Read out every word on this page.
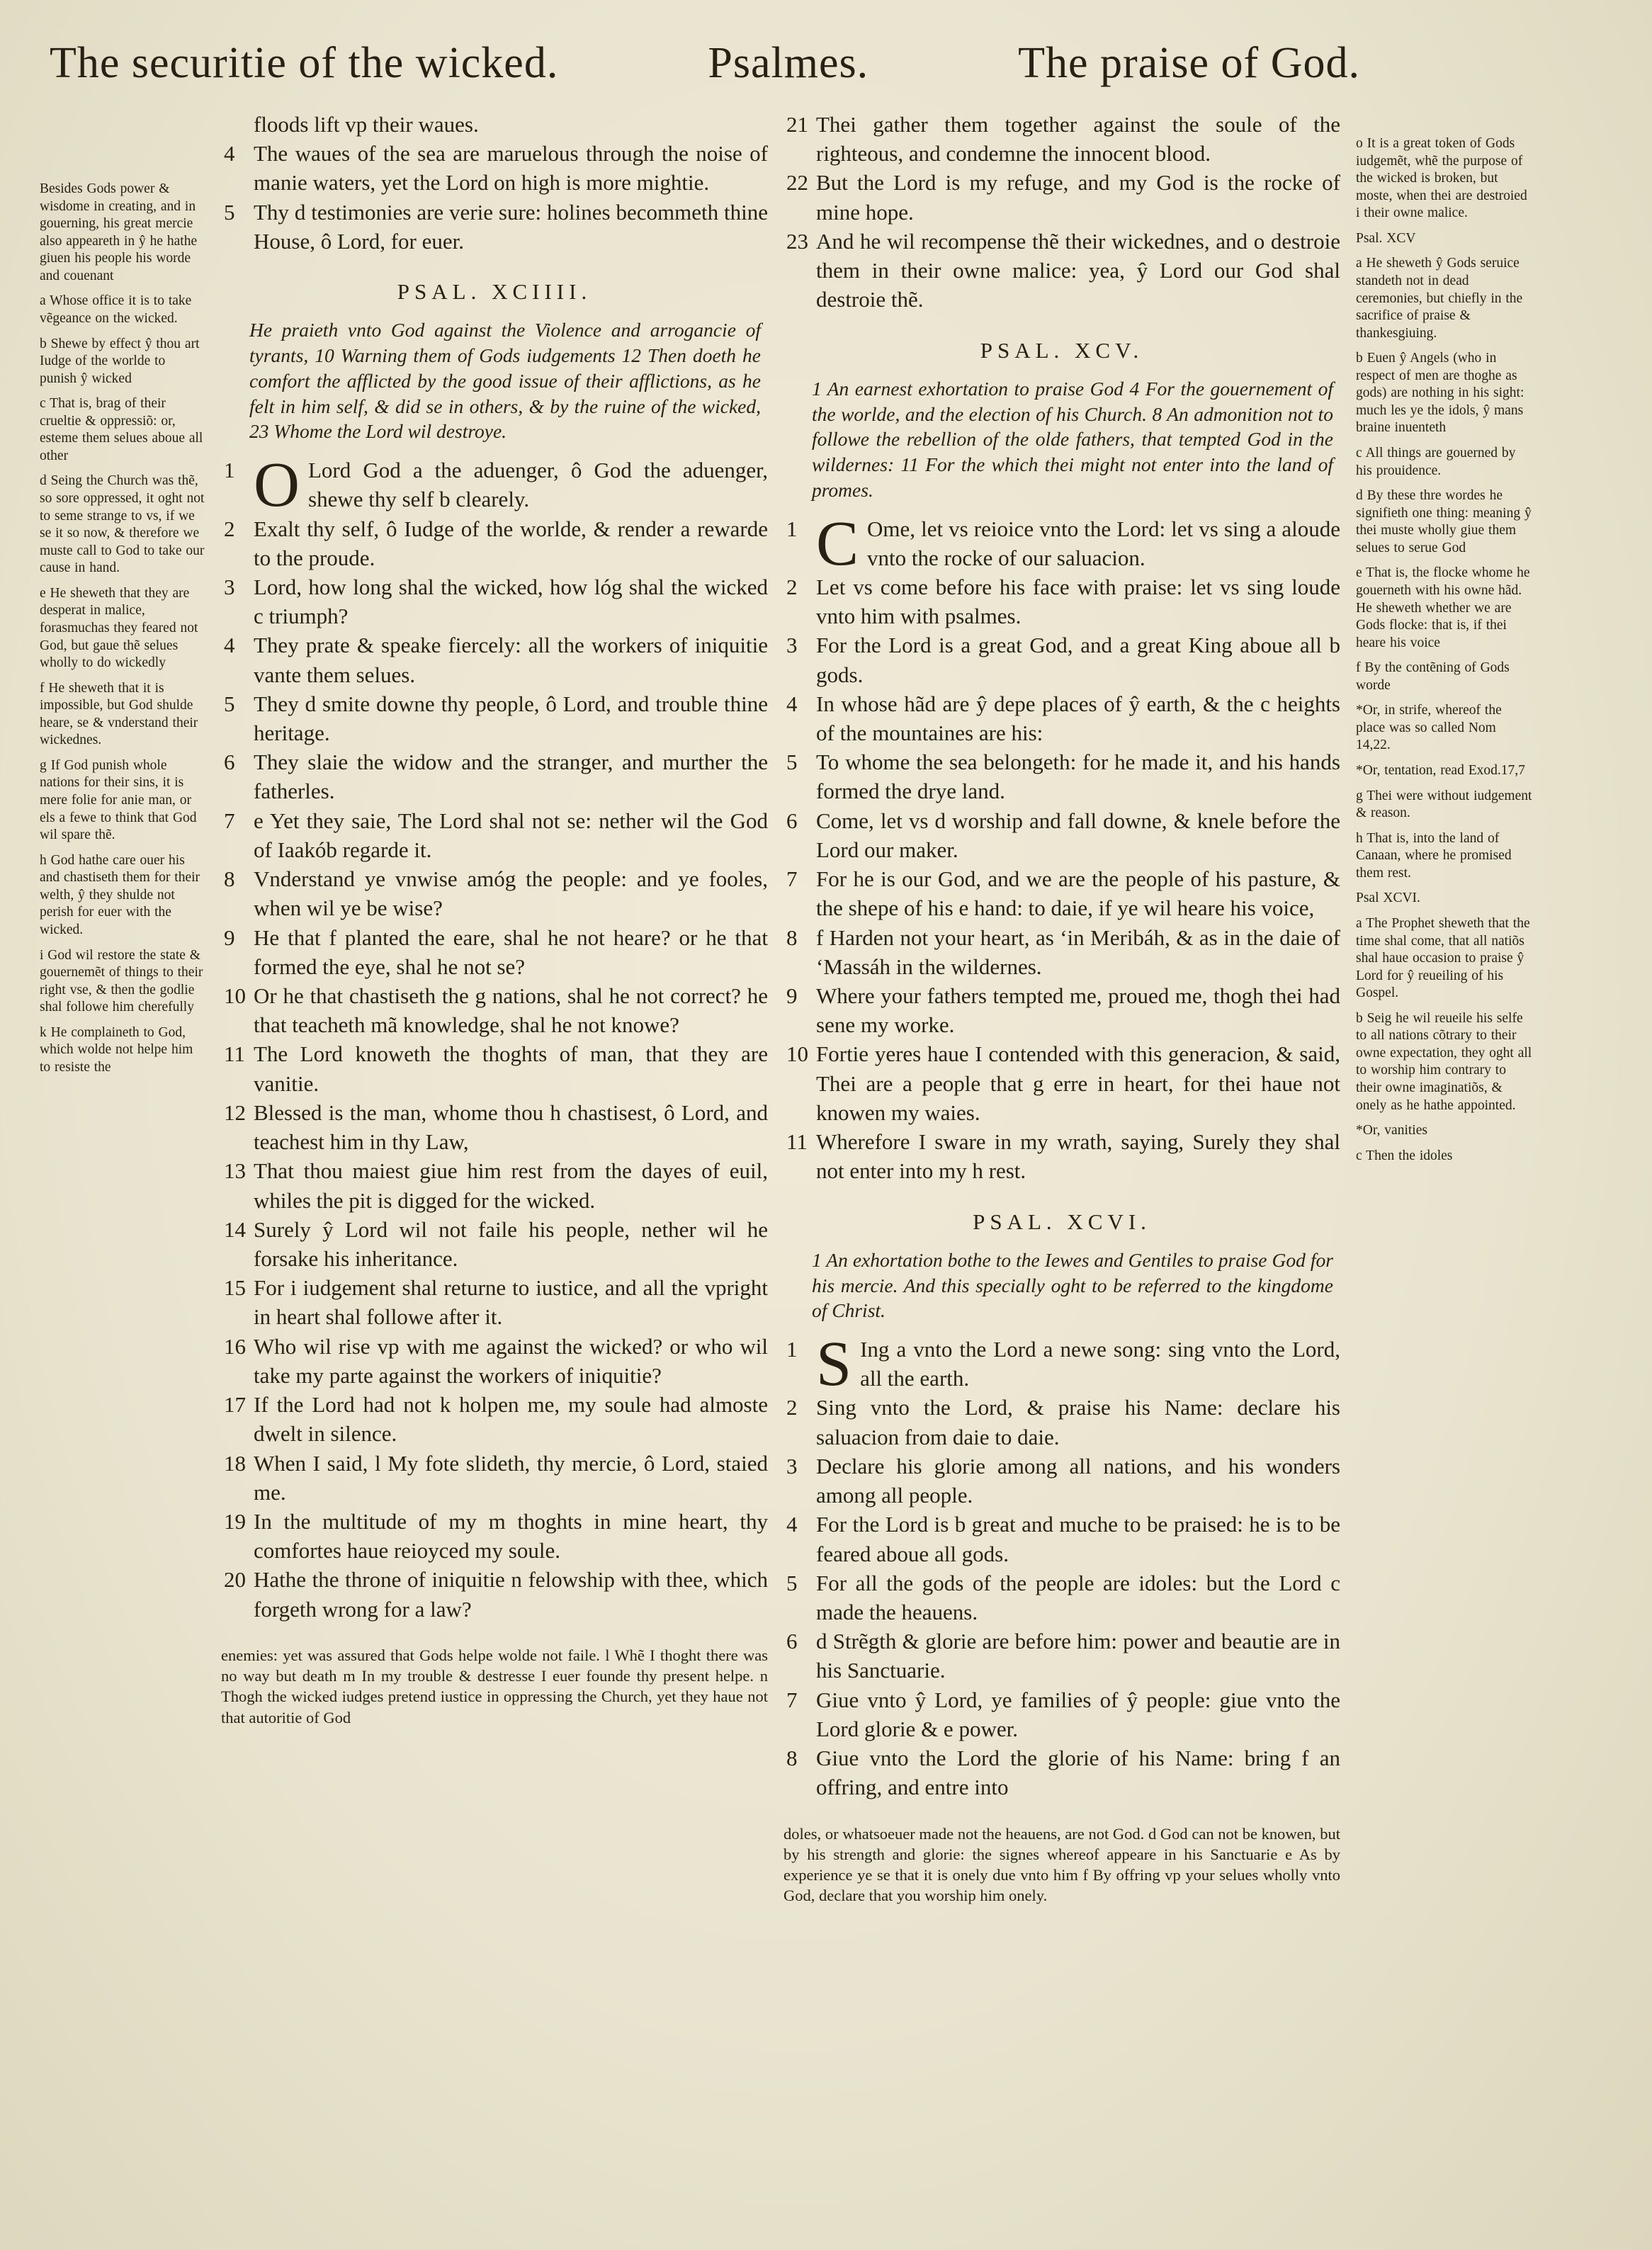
The securitie of the wicked.	Psalmes.	The praise of God.

Besides Gods power & wisdome in creating, and in gouerning, his great mercie also appeareth in ŷ he hathe giuen his people his worde and couenant

a Whose office it is to take vẽgeance on the wicked.

b Shewe by effect ŷ thou art Iudge of the worlde to punish ŷ wicked

c That is, brag of their crueltie & oppressiõ: or, esteme them selues aboue all other

d Seing the Church was thẽ, so sore oppressed, it oght not to seme strange to vs, if we se it so now, & therefore we muste call to God to take our cause in hand.

e He sheweth that they are desperat in malice, forasmuchas they feared not God, but gaue thẽ selues wholly to do wickedly

f He sheweth that it is impossible, but God shulde heare, se & vnderstand their wickednes.

g If God punish whole nations for their sins, it is mere folie for anie man, or els a fewe to think that God wil spare thẽ.

h God hathe care ouer his and chastiseth them for their welth, ŷ they shulde not perish for euer with the wicked.

i God wil restore the state & gouernemẽt of things to their right vse, & then the godlie shal followe him cherefully

k He complaineth to God, which wolde not helpe him to resiste the

floods lift vp their waues.
4 The waues of the sea are maruelous through the noise of manie waters, yet the Lord on high is more mightie.
5 Thy d testimonies are verie sure: holines becommeth thine House, ô Lord, for euer.
PSAL. XCIIII.

He praieth vnto God against the Violence and arrogancie of tyrants, 10 Warning them of Gods iudgements 12 Then doeth he comfort the afflicted by the good issue of their afflictions, as he felt in him self, & did se in others, & by the ruine of the wicked, 23 Whome the Lord wil destroye.

1 O Lord God a the aduenger, ô God the aduenger, shewe thy self b clearely.
2 Exalt thy self, ô Iudge of the worlde, & render a rewarde to the proude.
3 Lord, how long shal the wicked, how lóg shal the wicked c triumph?
4 They prate & speake fiercely: all the workers of iniquitie vante them selues.
5 They d smite downe thy people, ô Lord, and trouble thine heritage.
6 They slaie the widow and the stranger, and murther the fatherles.
7 e Yet they saie, The Lord shal not se: nether wil the God of Iaakób regarde it.
8 Vnderstand ye vnwise amóg the people: and ye fooles, when wil ye be wise?
9 He that f planted the eare, shal he not heare? or he that formed the eye, shal he not se?
10 Or he that chastiseth the g nations, shal he not correct? he that teacheth mã knowledge, shal he not knowe?
11 The Lord knoweth the thoghts of man, that they are vanitie.
12 Blessed is the man, whome thou h chastisest, ô Lord, and teachest him in thy Law,
13 That thou maiest giue him rest from the dayes of euil, whiles the pit is digged for the wicked.
14 Surely ŷ Lord wil not faile his people, nether wil he forsake his inheritance.
15 For i iudgement shal returne to iustice, and all the vpright in heart shal followe after it.
16 Who wil rise vp with me against the wicked? or who wil take my parte against the workers of iniquitie?
17 If the Lord had not k holpen me, my soule had almoste dwelt in silence.
18 When I said, l My fote slideth, thy mercie, ô Lord, staied me.
19 In the multitude of my m thoghts in mine heart, thy comfortes haue reioyced my soule.
20 Hathe the throne of iniquitie n felowship with thee, which forgeth wrong for a law?

enemies: yet was assured that Gods helpe wolde not faile. l Whẽ I thoght there was no way but death m In my trouble & destresse I euer founde thy present helpe. n Thogh the wicked iudges pretend iustice in oppressing the Church, yet they haue not that autoritie of God

21 Thei gather them together against the soule of the righteous, and condemne the innocent blood.
22 But the Lord is my refuge, and my God is the rocke of mine hope.
23 And he wil recompense thẽ their wickednes, and o destroie them in their owne malice: yea, ŷ Lord our God shal destroie thẽ.
PSAL. XCV.

1 An earnest exhortation to praise God 4 For the gouernement of the worlde, and the election of his Church. 8 An admonition not to followe the rebellion of the olde fathers, that tempted God in the wildernes: 11 For the which thei might not enter into the land of promes.

1 C Ome, let vs reioice vnto the Lord: let vs sing a aloude vnto the rocke of our saluacion.
2 Let vs come before his face with praise: let vs sing loude vnto him with psalmes.
3 For the Lord is a great God, and a great King aboue all b gods.
4 In whose hãd are ŷ depe places of ŷ earth, & the c heights of the mountaines are his:
5 To whome the sea belongeth: for he made it, and his hands formed the drye land.
6 Come, let vs d worship and fall downe, & knele before the Lord our maker.
7 For he is our God, and we are the people of his pasture, & the shepe of his e hand: to daie, if ye wil heare his voice,
8 f Harden not your heart, as ‘in Meribáh, & as in the daie of ‘Massáh in the wildernes.
9 Where your fathers tempted me, proued me, thogh thei had sene my worke.
10 Fortie yeres haue I contended with this generacion, & said, Thei are a people that g erre in heart, for thei haue not knowen my waies.
11 Wherefore I sware in my wrath, saying, Surely they shal not enter into my h rest.
PSAL. XCVI.

1 An exhortation bothe to the Iewes and Gentiles to praise God for his mercie. And this specially oght to be referred to the kingdome of Christ.

1 S Ing a vnto the Lord a newe song: sing vnto the Lord, all the earth.
2 Sing vnto the Lord, & praise his Name: declare his saluacion from daie to daie.
3 Declare his glorie among all nations, and his wonders among all people.
4 For the Lord is b great and muche to be praised: he is to be feared aboue all gods.
5 For all the gods of the people are idoles: but the Lord c made the heauens.
6 d Strẽgth & glorie are before him: power and beautie are in his Sanctuarie.
7 Giue vnto ŷ Lord, ye families of ŷ people: giue vnto the Lord glorie & e power.
8 Giue vnto the Lord the glorie of his Name: bring f an offring, and entre into

doles, or whatsoeuer made not the heauens, are not God. d God can not be knowen, but by his strength and glorie: the signes whereof appeare in his Sanctuarie e As by experience ye se that it is onely due vnto him f By offring vp your selues wholly vnto God, declare that you worship him onely.

o It is a great token of Gods iudgemẽt, whẽ the purpose of the wicked is broken, but moste, when thei are destroied i their owne malice.

Psal. XCV

a He sheweth ŷ Gods seruice standeth not in dead ceremonies, but chiefly in the sacrifice of praise & thankesgiuing.

b Euen ŷ Angels (who in respect of men are thoghe as gods) are nothing in his sight: much les ye the idols, ŷ mans braine inuenteth

c All things are gouerned by his prouidence.

d By these thre wordes he signifieth one thing: meaning ŷ thei muste wholly giue them selues to serue God

e That is, the flocke whome he gouerneth with his owne hãd. He sheweth whether we are Gods flocke: that is, if thei heare his voice

f By the contẽning of Gods worde

*Or, in strife, whereof the place was so called Nom 14,22.

*Or, tentation, read Exod.17,7

g Thei were without iudgement & reason.

h That is, into the land of Canaan, where he promised them rest.

Psal XCVI.

a The Prophet sheweth that the time shal come, that all natiõs shal haue occasion to praise ŷ Lord for ŷ reueiling of his Gospel.

b Seig he wil reueile his selfe to all nations cõtrary to their owne expectation, they oght all to worship him contrary to their owne imaginatiõs, & onely as he hathe appointed.

*Or, vanities

c Then the idoles
